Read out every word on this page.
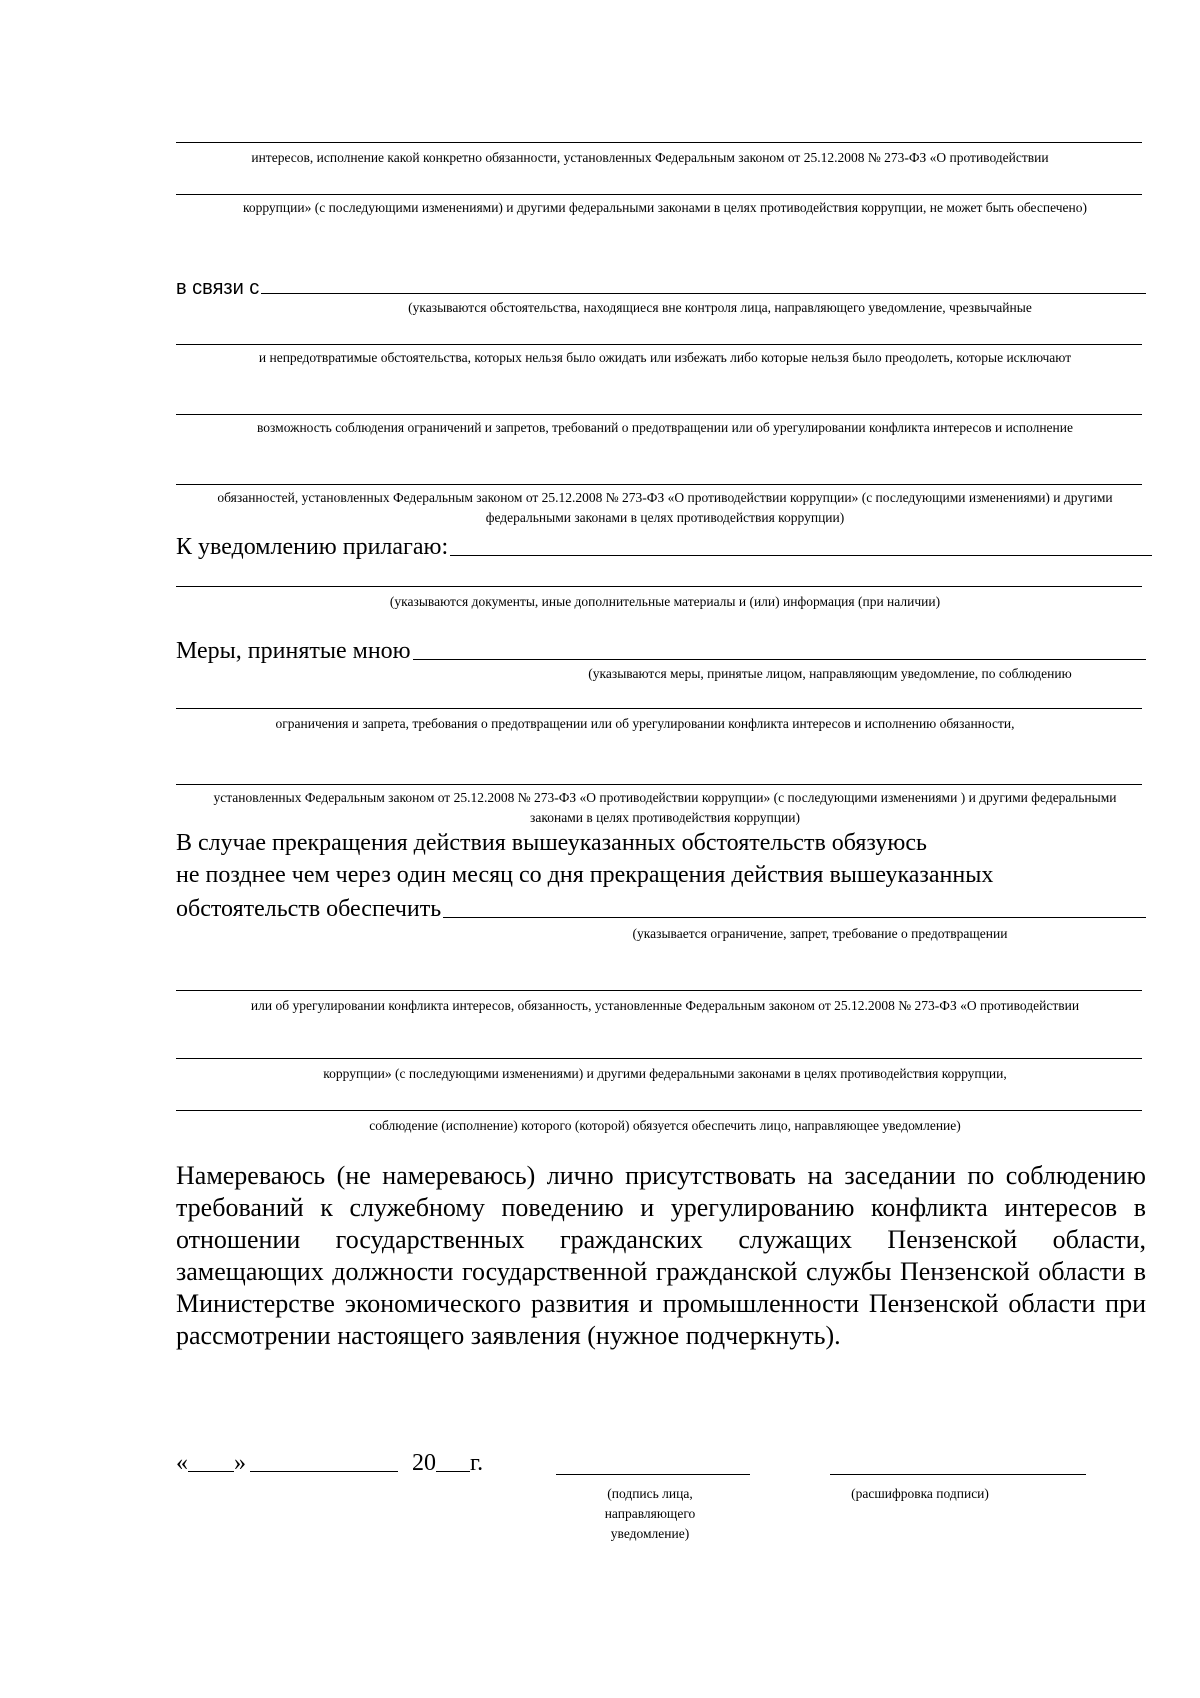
интересов, исполнение какой конкретно обязанности, установленных Федеральным законом от 25.12.2008 № 273-ФЗ «О противодействии
коррупции» (с последующими изменениями) и другими федеральными законами в целях противодействия коррупции, не может быть обеспечено)
в связи с
(указываются обстоятельства, находящиеся вне контроля лица, направляющего уведомление, чрезвычайные
и непредотвратимые обстоятельства, которых нельзя было ожидать или избежать либо которые нельзя было преодолеть, которые исключают
возможность соблюдения ограничений и запретов, требований о предотвращении или об урегулировании конфликта интересов и исполнение
обязанностей, установленных Федеральным законом от 25.12.2008 № 273-ФЗ «О противодействии коррупции» (с последующими изменениями) и другими федеральными законами в целях противодействия коррупции)
К уведомлению прилагаю:
(указываются документы, иные дополнительные материалы и (или) информация (при наличии)
Меры, принятые мною
(указываются меры, принятые лицом, направляющим уведомление, по соблюдению
ограничения и запрета, требования о предотвращении или об урегулировании конфликта интересов и исполнению обязанности,
установленных Федеральным законом от 25.12.2008 № 273-ФЗ «О противодействии коррупции» (с последующими изменениями ) и другими федеральными законами в целях противодействия коррупции)
В случае прекращения действия вышеуказанных обстоятельств обязуюсь
не позднее чем через один месяц со дня прекращения действия вышеуказанных
обстоятельств обеспечить
(указывается ограничение, запрет, требование о предотвращении
или об урегулировании конфликта интересов, обязанность, установленные Федеральным законом от 25.12.2008 № 273-ФЗ «О противодействии
коррупции» (с последующими изменениями) и другими федеральными законами в целях противодействия коррупции,
соблюдение (исполнение) которого (которой) обязуется обеспечить лицо, направляющее уведомление)
Намереваюсь (не намереваюсь) лично присутствовать на заседании по соблюдению требований к служебному поведению и урегулированию конфликта интересов в отношении государственных гражданских служащих Пензенской области, замещающих должности государственной гражданской службы Пензенской области в Министерстве экономического развития и промышленности Пензенской области при рассмотрении настоящего заявления (нужное подчеркнуть).
« »	20 г.
(подпись лица, направляющего уведомление)
(расшифровка подписи)
